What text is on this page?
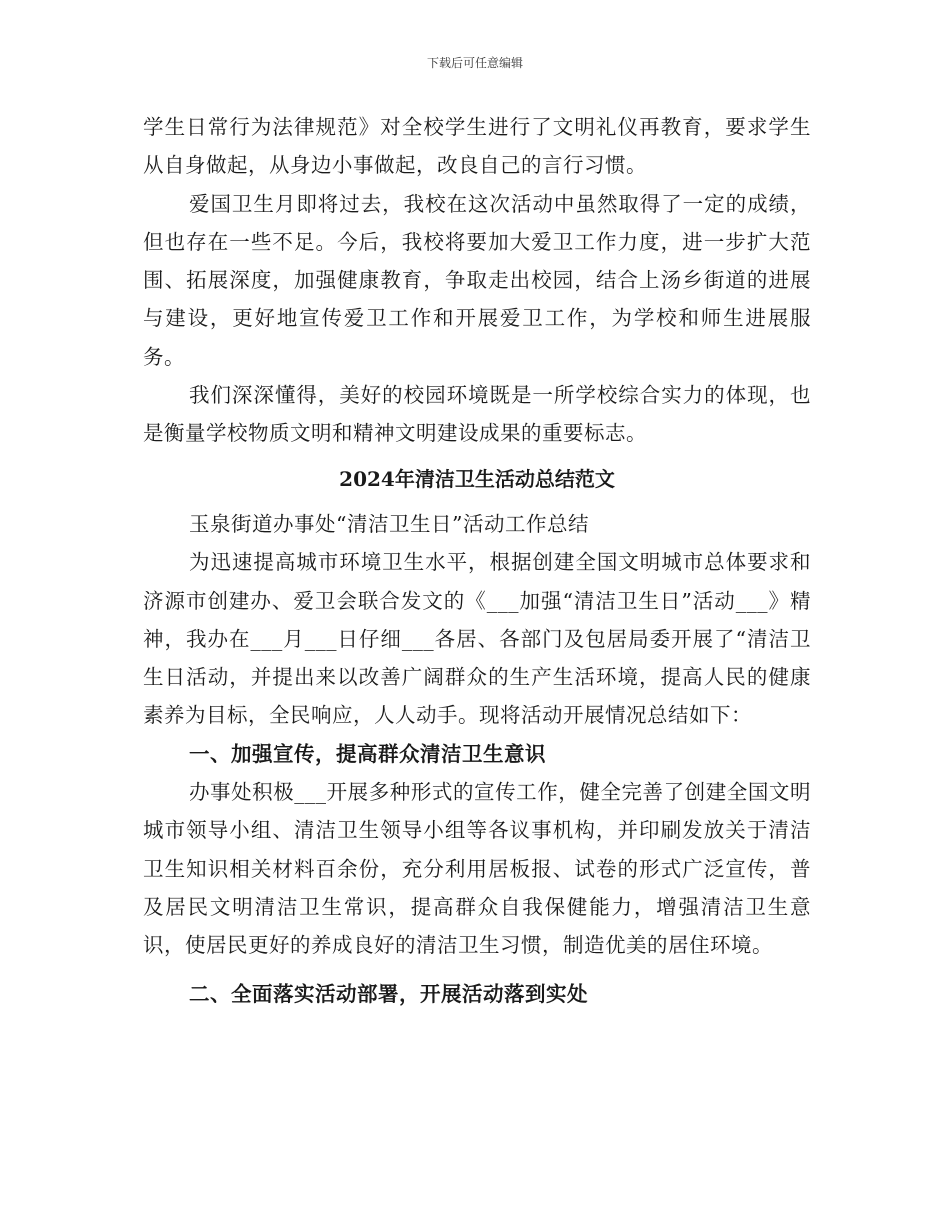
下载后可任意编辑

学生日常行为法律规范》对全校学生进行了文明礼仪再教育，要求学生从自身做起，从身边小事做起，改良自己的言行习惯。

爱国卫生月即将过去，我校在这次活动中虽然取得了一定的成绩，但也存在一些不足。今后，我校将要加大爱卫工作力度，进一步扩大范围、拓展深度，加强健康教育，争取走出校园，结合上汤乡街道的进展与建设，更好地宣传爱卫工作和开展爱卫工作，为学校和师生进展服务。

我们深深懂得，美好的校园环境既是一所学校综合实力的体现，也是衡量学校物质文明和精神文明建设成果的重要标志。

2024年清洁卫生活动总结范文

玉泉街道办事处“清洁卫生日”活动工作总结

为迅速提高城市环境卫生水平，根据创建全国文明城市总体要求和济源市创建办、爱卫会联合发文的《___加强“清洁卫生日”活动___》精神，我办在___月___日仔细___各居、各部门及包居局委开展了“清洁卫生日活动，并提出来以改善广阔群众的生产生活环境，提高人民的健康素养为目标，全民响应，人人动手。现将活动开展情况总结如下：

一、加强宣传，提高群众清洁卫生意识

办事处积极___开展多种形式的宣传工作，健全完善了创建全国文明城市领导小组、清洁卫生领导小组等各议事机构，并印刷发放关于清洁卫生知识相关材料百余份，充分利用居板报、试卷的形式广泛宣传，普及居民文明清洁卫生常识，提高群众自我保健能力，增强清洁卫生意识，使居民更好的养成良好的清洁卫生习惯，制造优美的居住环境。

二、全面落实活动部署，开展活动落到实处
